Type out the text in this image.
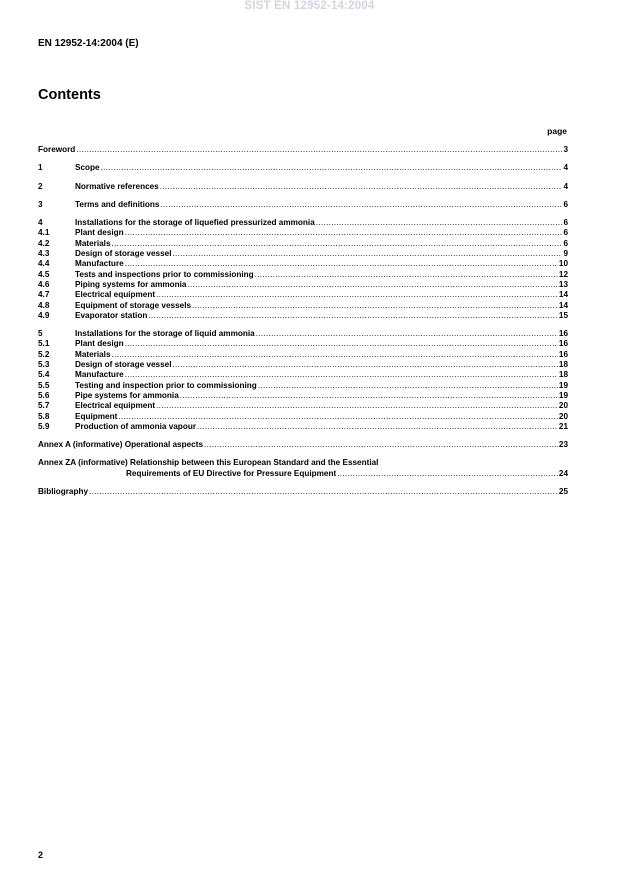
SIST EN 12952-14:2004
EN 12952-14:2004 (E)
Contents
page
Foreword .....	3
1	Scope .....	4
2	Normative references .....	4
3	Terms and definitions .....	6
4	Installations for the storage of liquefied pressurized ammonia .....	6
4.1	Plant design .....	6
4.2	Materials .....	6
4.3	Design of storage vessel .....	9
4.4	Manufacture .....	10
4.5	Tests and inspections prior to commissioning .....	12
4.6	Piping systems for ammonia .....	13
4.7	Electrical equipment .....	14
4.8	Equipment of storage vessels .....	14
4.9	Evaporator station .....	15
5	Installations for the storage of liquid ammonia .....	16
5.1	Plant design .....	16
5.2	Materials .....	16
5.3	Design of storage vessel .....	18
5.4	Manufacture .....	18
5.5	Testing and inspection prior to commissioning .....	19
5.6	Pipe systems for ammonia .....	19
5.7	Electrical equipment .....	20
5.8	Equipment .....	20
5.9	Production of ammonia vapour .....	21
Annex A (informative) Operational aspects .....	23
Annex ZA (informative) Relationship between this European Standard and the Essential
Requirements of EU Directive for Pressure Equipment .....	24
Bibliography .....	25
2
